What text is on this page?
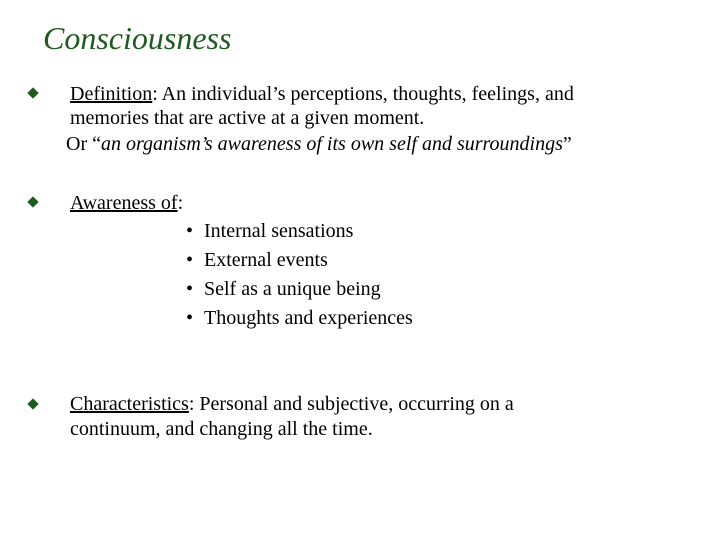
Consciousness
Definition: An individual’s perceptions, thoughts, feelings, and
memories that are active at a given moment.
Or “an organism’s awareness of its own self and surroundings”
Awareness of:
• Internal sensations
• External events
• Self as a unique being
• Thoughts and experiences
Characteristics: Personal and subjective, occurring on a
continuum, and changing all the time.
